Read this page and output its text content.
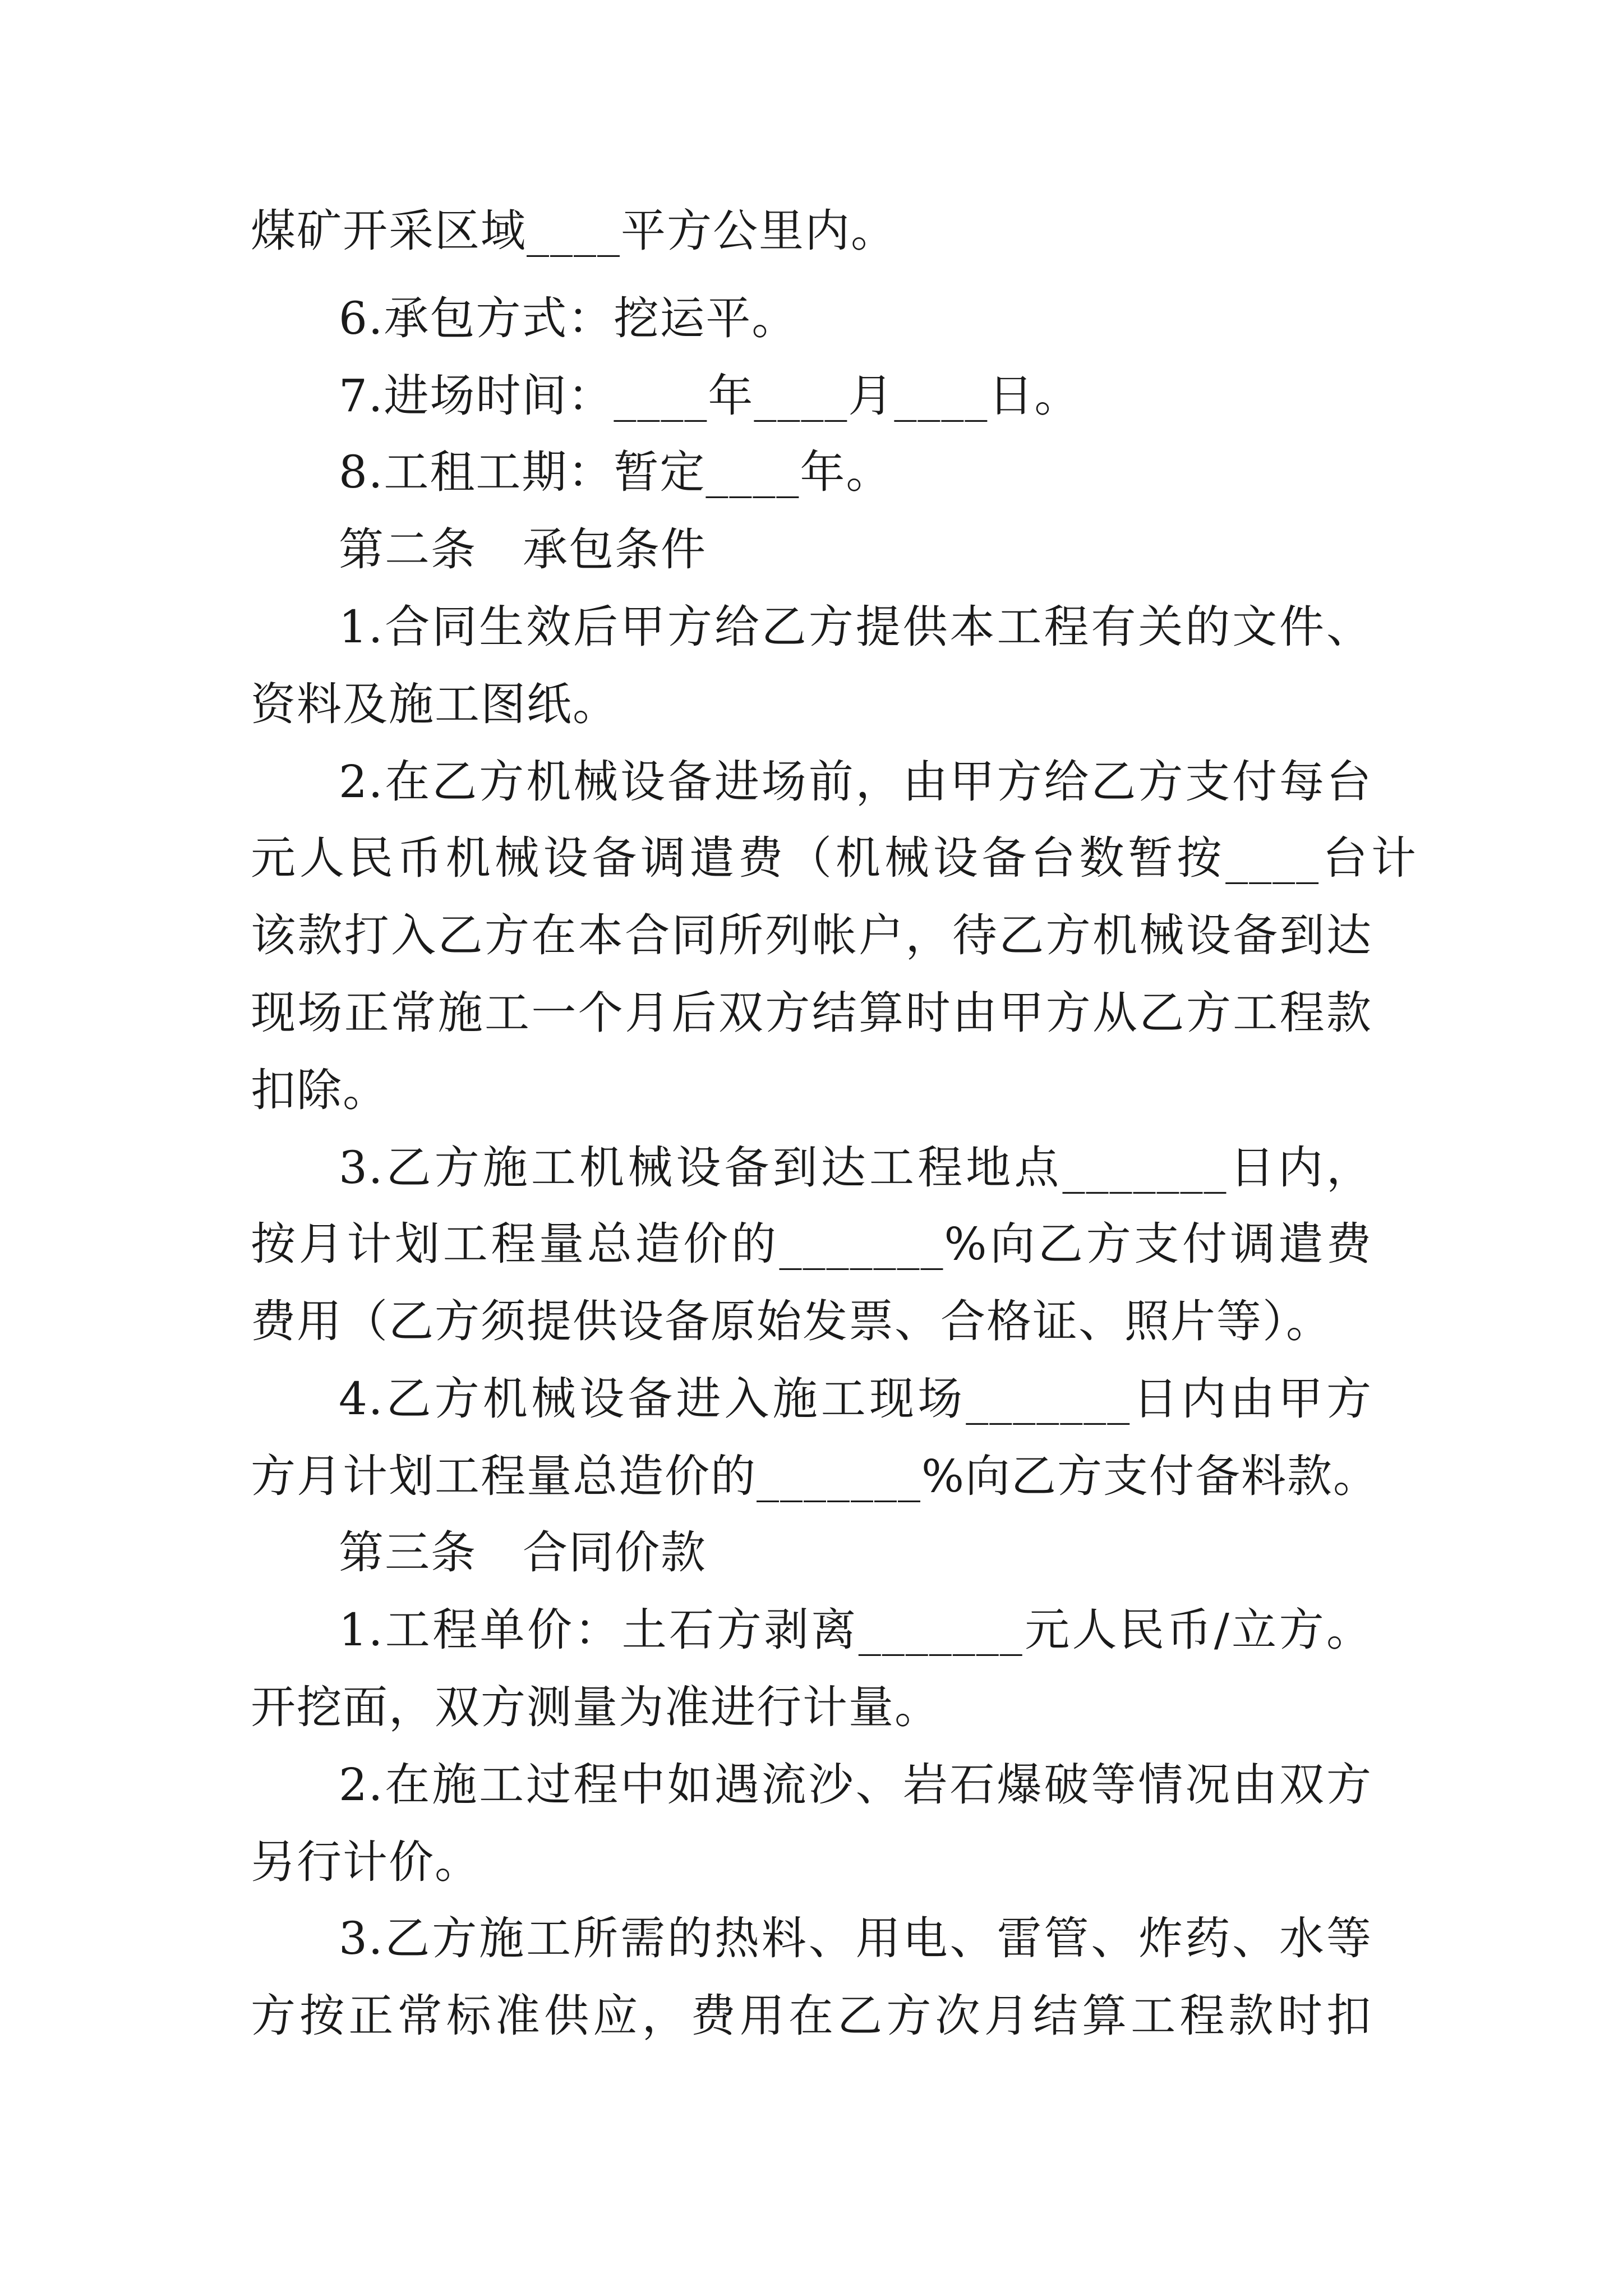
煤矿开采区域____平方公里内。
6.承包方式：挖运平。
7.进场时间：____年____月____日。
8.工租工期：暂定____年。
第二条　承包条件
1.合同生效后甲方给乙方提供本工程有关的文件、
资料及施工图纸。
2.在乙方机械设备进场前，由甲方给乙方支付每台
元人民币机械设备调遣费（机械设备台数暂按____台计
该款打入乙方在本合同所列帐户，待乙方机械设备到达
现场正常施工一个月后双方结算时由甲方从乙方工程款
扣除。
3.乙方施工机械设备到达工程地点_______日内，
按月计划工程量总造价的_______%向乙方支付调遣费
费用（乙方须提供设备原始发票、合格证、照片等）。
4.乙方机械设备进入施工现场_______日内由甲方
方月计划工程量总造价的_______%向乙方支付备料款。
第三条　合同价款
1.工程单价：土石方剥离_______元人民币/立方。
开挖面，双方测量为准进行计量。
2.在施工过程中如遇流沙、岩石爆破等情况由双方
另行计价。
3.乙方施工所需的热料、用电、雷管、炸药、水等
方按正常标准供应，费用在乙方次月结算工程款时扣
